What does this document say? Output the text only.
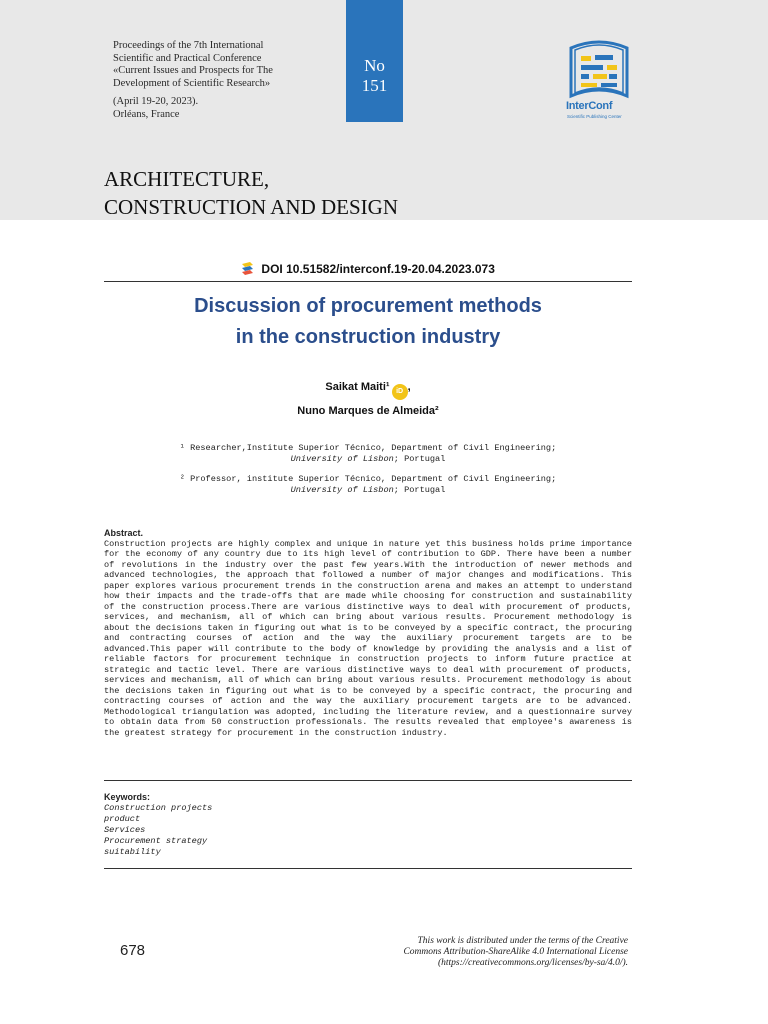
Proceedings of the 7th International
Scientific and Practical Conference
«Current Issues and Prospects for The
Development of Scientific Research»
(April 19-20, 2023).
Orléans, France
No
151
InterConf
Scientific Publishing Center
ARCHITECTURE,
CONSTRUCTION AND DESIGN
DOI 10.51582/interconf.19-20.04.2023.073
Discussion of procurement methods
in the construction industry
Saikat Maiti¹ iD ,
Nuno Marques de Almeida²
¹ Researcher,Institute Superior Técnico, Department of Civil Engineering;
University of Lisbon; Portugal
² Professor, institute Superior Técnico, Department of Civil Engineering;
University of Lisbon; Portugal
Abstract.
Construction projects are highly complex and unique in nature yet this business holds prime importance for the economy of any country due to its high level of contribution to GDP. There have been a number of revolutions in the industry over the past few years.With the introduction of newer methods and advanced technologies, the approach that followed a number of major changes and modifications. This paper explores various procurement trends in the construction arena and makes an attempt to understand how their impacts and the trade-offs that are made while choosing for construction and sustainability of the construction process.There are various distinctive ways to deal with procurement of products, services, and mechanism, all of which can bring about various results. Procurement methodology is about the decisions taken in figuring out what is to be conveyed by a specific contract, the procuring and contracting courses of action and the way the auxiliary procurement targets are to be advanced.This paper will contribute to the body of knowledge by providing the analysis and a list of reliable factors for procurement technique in construction projects to inform future practice at strategic and tactic level. There are various distinctive ways to deal with procurement of products, services and mechanism, all of which can bring about various results. Procurement methodology is about the decisions taken in figuring out what is to be conveyed by a specific contract, the procuring and contracting courses of action and the way the auxiliary procurement targets are to be advanced. Methodological triangulation was adopted, including the literature review, and a questionnaire survey to obtain data from 50 construction professionals. The results revealed that employee's awareness is the greatest strategy for procurement in the construction industry.
Keywords:
Construction projects
product
Services
Procurement strategy
suitability
678
This work is distributed under the terms of the Creative
Commons Attribution-ShareAlike 4.0 International License
(https://creativecommons.org/licenses/by-sa/4.0/).
